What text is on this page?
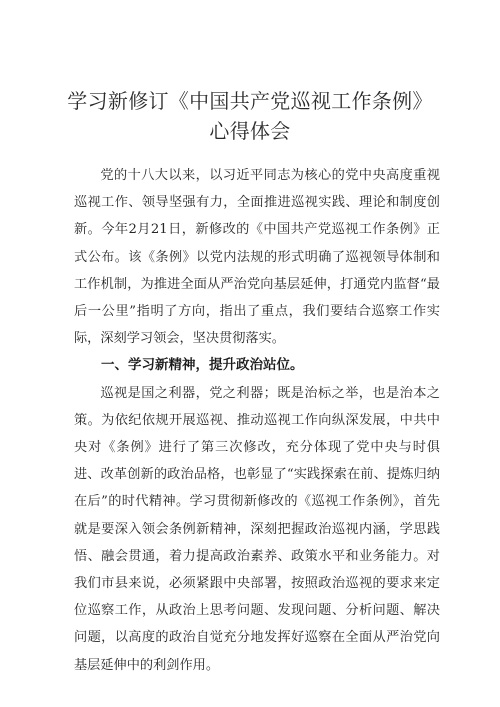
学习新修订《中国共产党巡视工作条例》
心得体会

党的十八大以来，以习近平同志为核心的党中央高度重视巡视工作、领导坚强有力，全面推进巡视实践、理论和制度创新。今年2月21日，新修改的《中国共产党巡视工作条例》正式公布。该《条例》以党内法规的形式明确了巡视领导体制和工作机制，为推进全面从严治党向基层延伸，打通党内监督“最后一公里”指明了方向，指出了重点，我们要结合巡察工作实际，深刻学习领会，坚决贯彻落实。

一、学习新精神，提升政治站位。

巡视是国之利器，党之利器；既是治标之举，也是治本之策。为依纪依规开展巡视、推动巡视工作向纵深发展，中共中央对《条例》进行了第三次修改，充分体现了党中央与时俱进、改革创新的政治品格，也彰显了“实践探索在前、提炼归纳在后”的时代精神。学习贯彻新修改的《巡视工作条例》，首先就是要深入领会条例新精神，深刻把握政治巡视内涵，学思践悟、融会贯通，着力提高政治素养、政策水平和业务能力。对我们市县来说，必须紧跟中央部署，按照政治巡视的要求来定位巡察工作，从政治上思考问题、发现问题、分析问题、解决问题，以高度的政治自觉充分地发挥好巡察在全面从严治党向基层延伸中的利剑作用。
